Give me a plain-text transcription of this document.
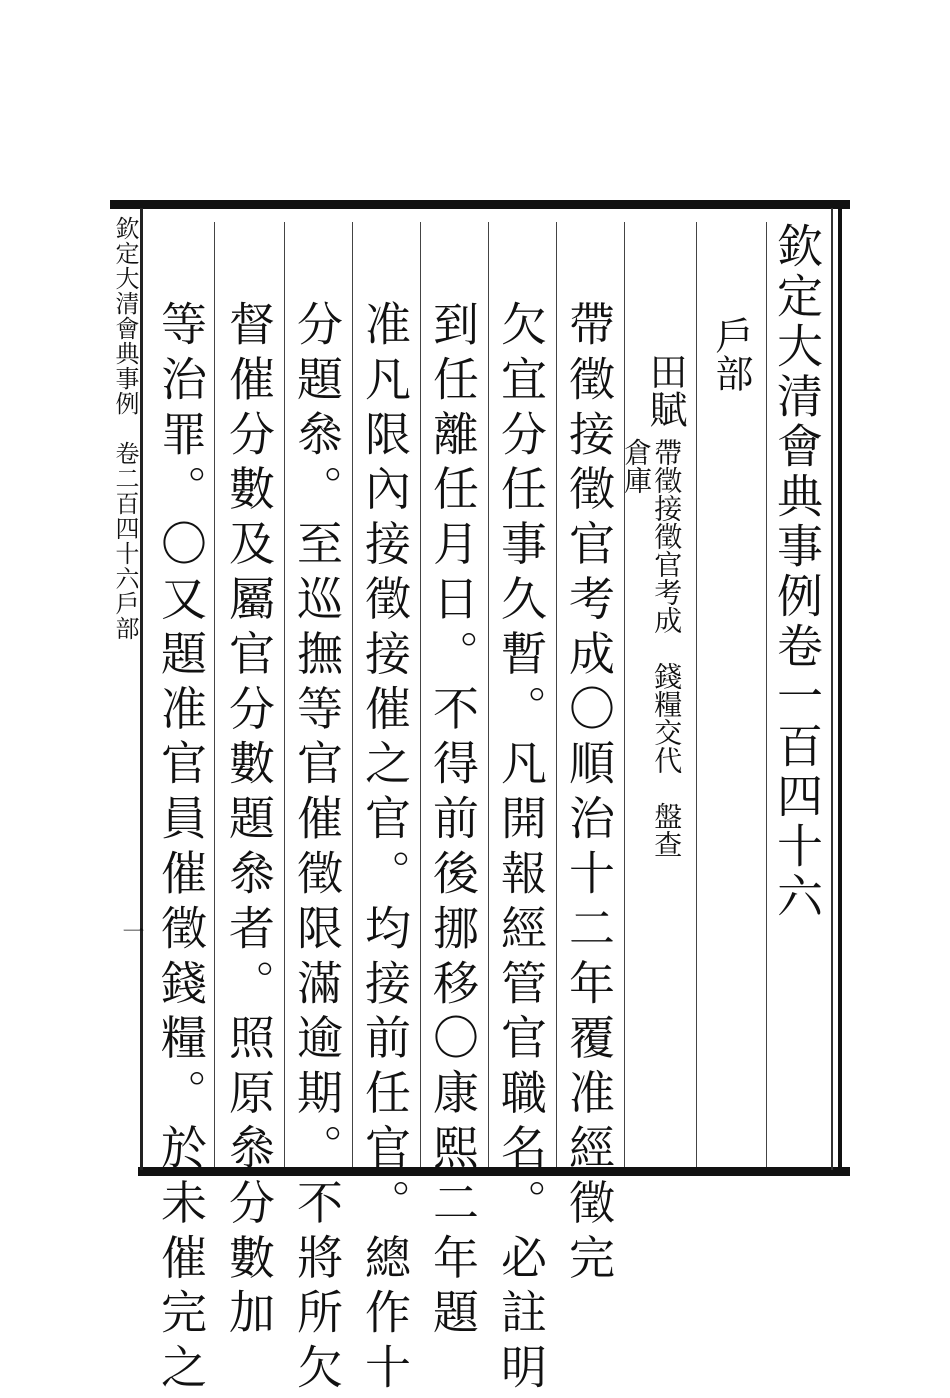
欽定大清會典事例　卷二百四十六戶部
一
欽定大清會典事例卷一百四十六
戶部
田賦
帶徵接徵官考成　錢糧交代　盤查
倉庫
帶徵接徵官考成〇順治十二年覆准經徵完
欠宜分任事久暫。凡開報經管官職名。必註明
到任離任月日。不得前後挪移〇康熙二年題
准凡限內接徵接催之官。均接前任官。總作十
分題叅。至巡撫等官催徵限滿逾期。不將所欠
督催分數及屬官分數題叅者。照原叅分數加
等治罪。〇又題准官員催徵錢糧。於未催完之
